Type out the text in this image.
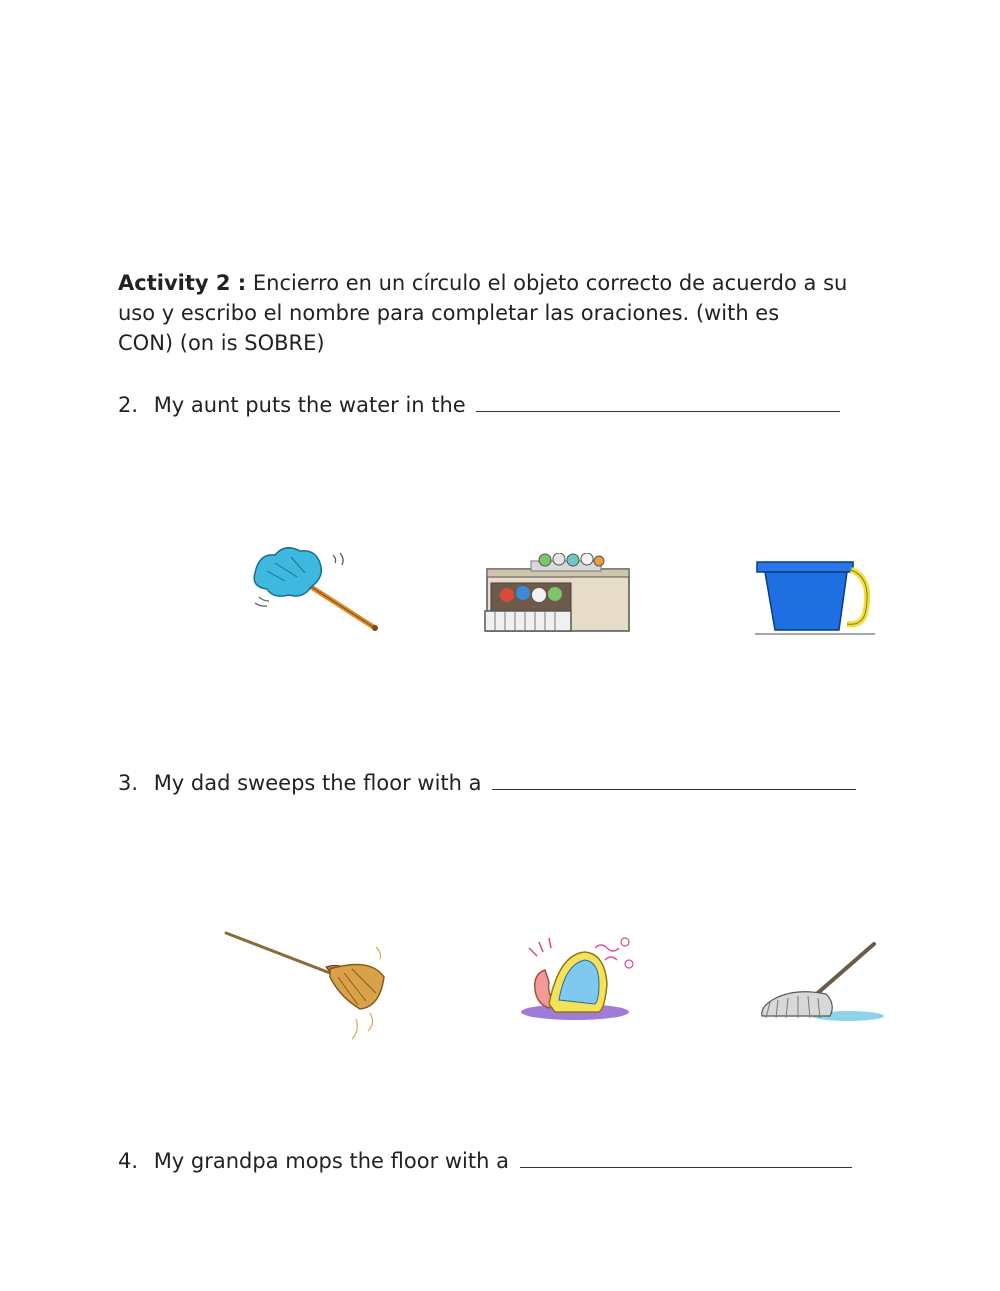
Activity 2 : Encierro en un círculo el objeto correcto de acuerdo a su
uso y escribo el nombre para completar las oraciones. (with es
CON) (on is SOBRE)
2. My aunt puts the water in the
3. My dad sweeps the floor with a
4. My grandpa mops the floor with a
